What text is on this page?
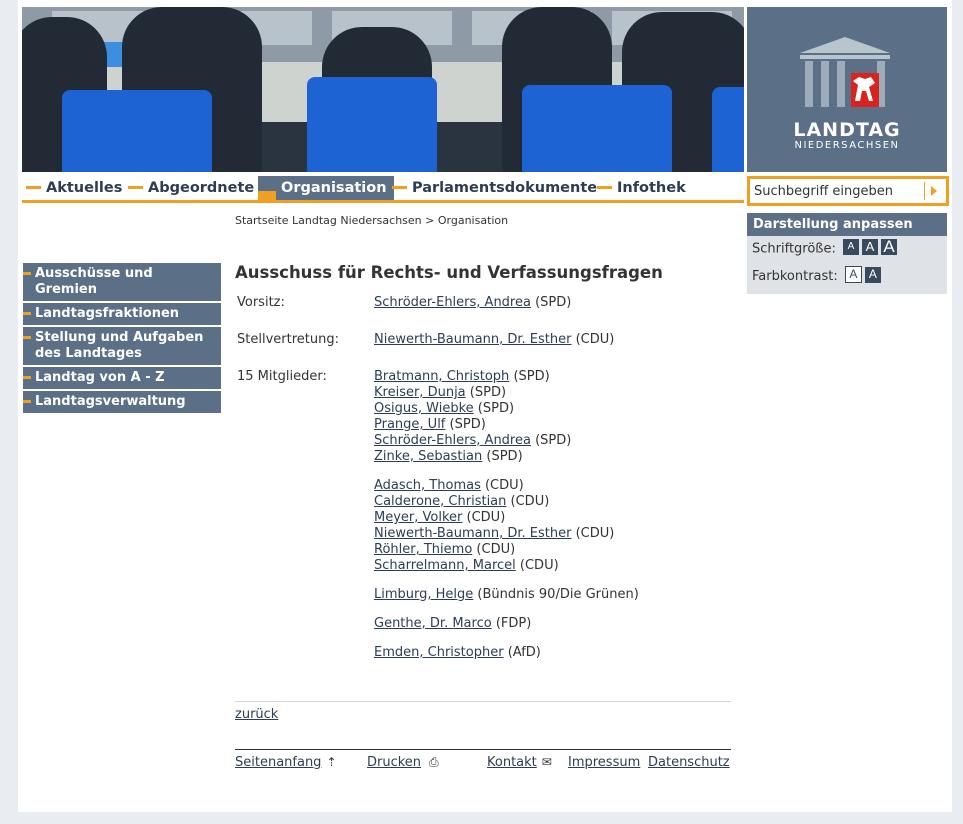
LANDTAG
NIEDERSACHSEN
Aktuelles	Abgeordnete	Organisation	Parlamentsdokumente	Infothek
Suchbegriff eingeben
Startseite Landtag Niedersachsen > Organisation
Ausschüsse und Gremien
Landtagsfraktionen
Stellung und Aufgaben des Landtages
Landtag von A - Z
Landtagsverwaltung
Darstellung anpassen
Schriftgröße: A A A
Farbkontrast: A A
Ausschuss für Rechts- und Verfassungsfragen
Vorsitz:	Schröder-Ehlers, Andrea (SPD)
Stellvertretung:	Niewerth-Baumann, Dr. Esther (CDU)
15 Mitglieder:	Bratmann, Christoph (SPD)
Kreiser, Dunja (SPD)
Osigus, Wiebke (SPD)
Prange, Ulf (SPD)
Schröder-Ehlers, Andrea (SPD)
Zinke, Sebastian (SPD)
Adasch, Thomas (CDU)
Calderone, Christian (CDU)
Meyer, Volker (CDU)
Niewerth-Baumann, Dr. Esther (CDU)
Röhler, Thiemo (CDU)
Scharrelmann, Marcel (CDU)
Limburg, Helge (Bündnis 90/Die Grünen)
Genthe, Dr. Marco (FDP)
Emden, Christopher (AfD)
zurück
Seitenanfang ⇡ Drucken ⎙	Kontakt ✉ Impressum Datenschutz
